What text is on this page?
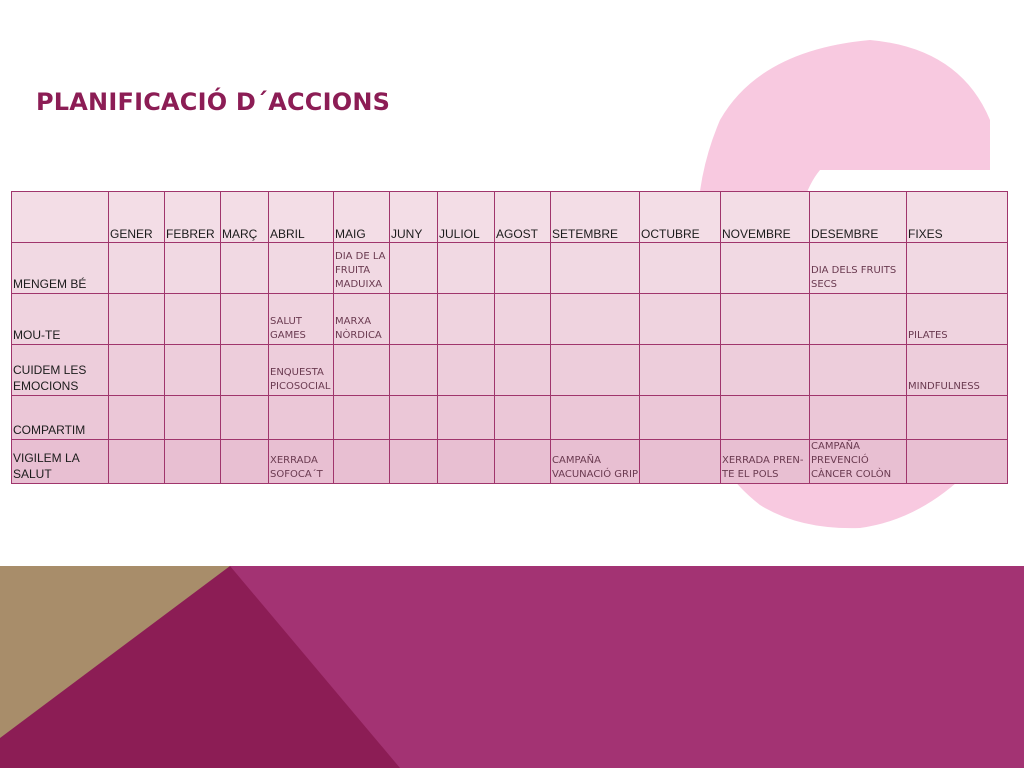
PLANIFICACIÓ D´ACCIONS

	GENER	FEBRER	MARÇ	ABRIL	MAIG	JUNY	JULIOL	AGOST	SETEMBRE	OCTUBRE	NOVEMBRE	DESEMBRE	FIXES

MENGEM BÉ					DIA DE LA FRUITA MADUIXA							DIA DELS FRUITS SECS	

MOU-TE				SALUT GAMES	MARXA NÒRDICA								PILATES

CUIDEM LES EMOCIONS				ENQUESTA PICOSOCIAL									MINDFULNESS

COMPARTIM													

VIGILEM LA SALUT				XERRADA SOFOCA´T					CAMPAÑA VACUNACIÓ GRIP		XERRADA PREN-TE EL POLS	CAMPAÑA PREVENCIÓ CÀNCER COLÒN	
